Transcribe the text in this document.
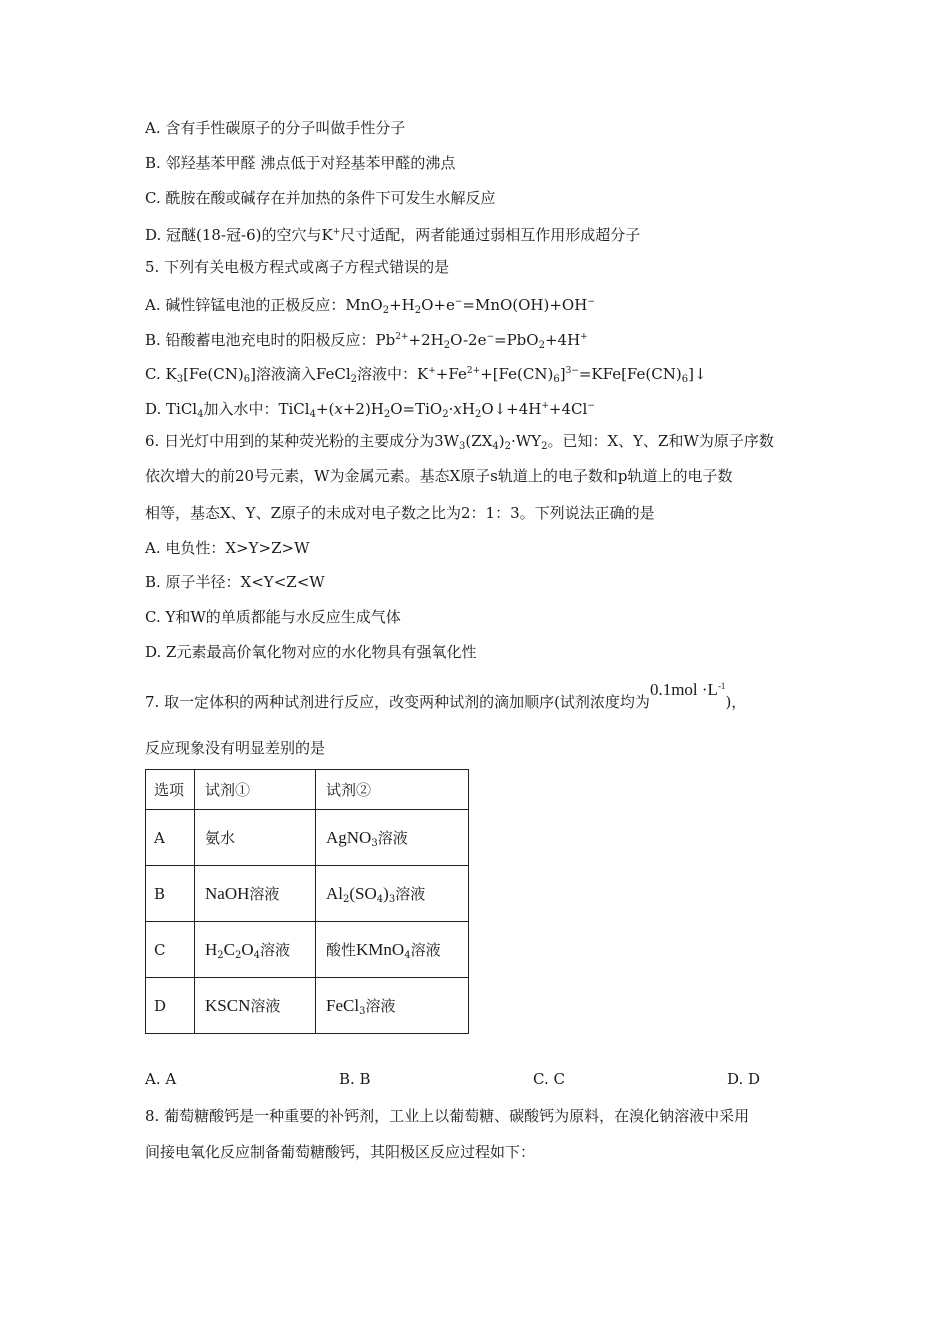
A. 含有手性碳原子的分子叫做手性分子
B. 邻羟基苯甲醛 沸点低于对羟基苯甲醛的沸点
C. 酰胺在酸或碱存在并加热的条件下可发生水解反应
D. 冠醚(18-冠-6)的空穴与K+尺寸适配，两者能通过弱相互作用形成超分子
5. 下列有关电极方程式或离子方程式错误的是
A. 碱性锌锰电池的正极反应：$MnO_2+H_2O+e^-=MnO(OH)+OH^-$
B. 铅酸蓄电池充电时的阳极反应：$Pb^{2+}+2H_2O-2e^-=PbO_2+4H^+$
C. $K_3[Fe(CN)_6]$溶液滴入FeCl$_2$溶液中：$K^++Fe^{2+}+[Fe(CN)_6]^{3-}=KFe[Fe(CN)_6]↓$
D. TiCl$_4$加入水中：$TiCl_4+(x+2)H_2O=TiO_2\cdot xH_2O↓+4H^++4Cl^-$
6. 日光灯中用到的某种荧光粉的主要成分为$3W_3(ZX_4)_2\cdot WY_2$。已知：X、Y、Z和W为原子序数
依次增大的前20号元素，W为金属元素。基态X原子s轨道上的电子数和p轨道上的电子数
相等，基态X、Y、Z原子的未成对电子数之比为2：1：3。下列说法正确的是
A. 电负性：X>Y>Z>W
B. 原子半径：X<Y<Z<W
C. Y和W的单质都能与水反应生成气体
D. Z元素最高价氧化物对应的水化物具有强氧化性
7. 取一定体积的两种试剂进行反应，改变两种试剂的滴加顺序(试剂浓度均为$0.1mol \cdot L^{-1}$)，
反应现象没有明显差别的是
选项	试剂①	试剂②
A	氨水	AgNO$_3$溶液
B	NaOH溶液	$Al_2(SO_4)_3$溶液
C	$H_2C_2O_4$溶液	酸性KMnO$_4$溶液
D	KSCN溶液	FeCl$_3$溶液
A. A	B. B	C. C	D. D
8. 葡萄糖酸钙是一种重要的补钙剂，工业上以葡萄糖、碳酸钙为原料，在溴化钠溶液中采用
间接电氧化反应制备葡萄糖酸钙，其阳极区反应过程如下：
